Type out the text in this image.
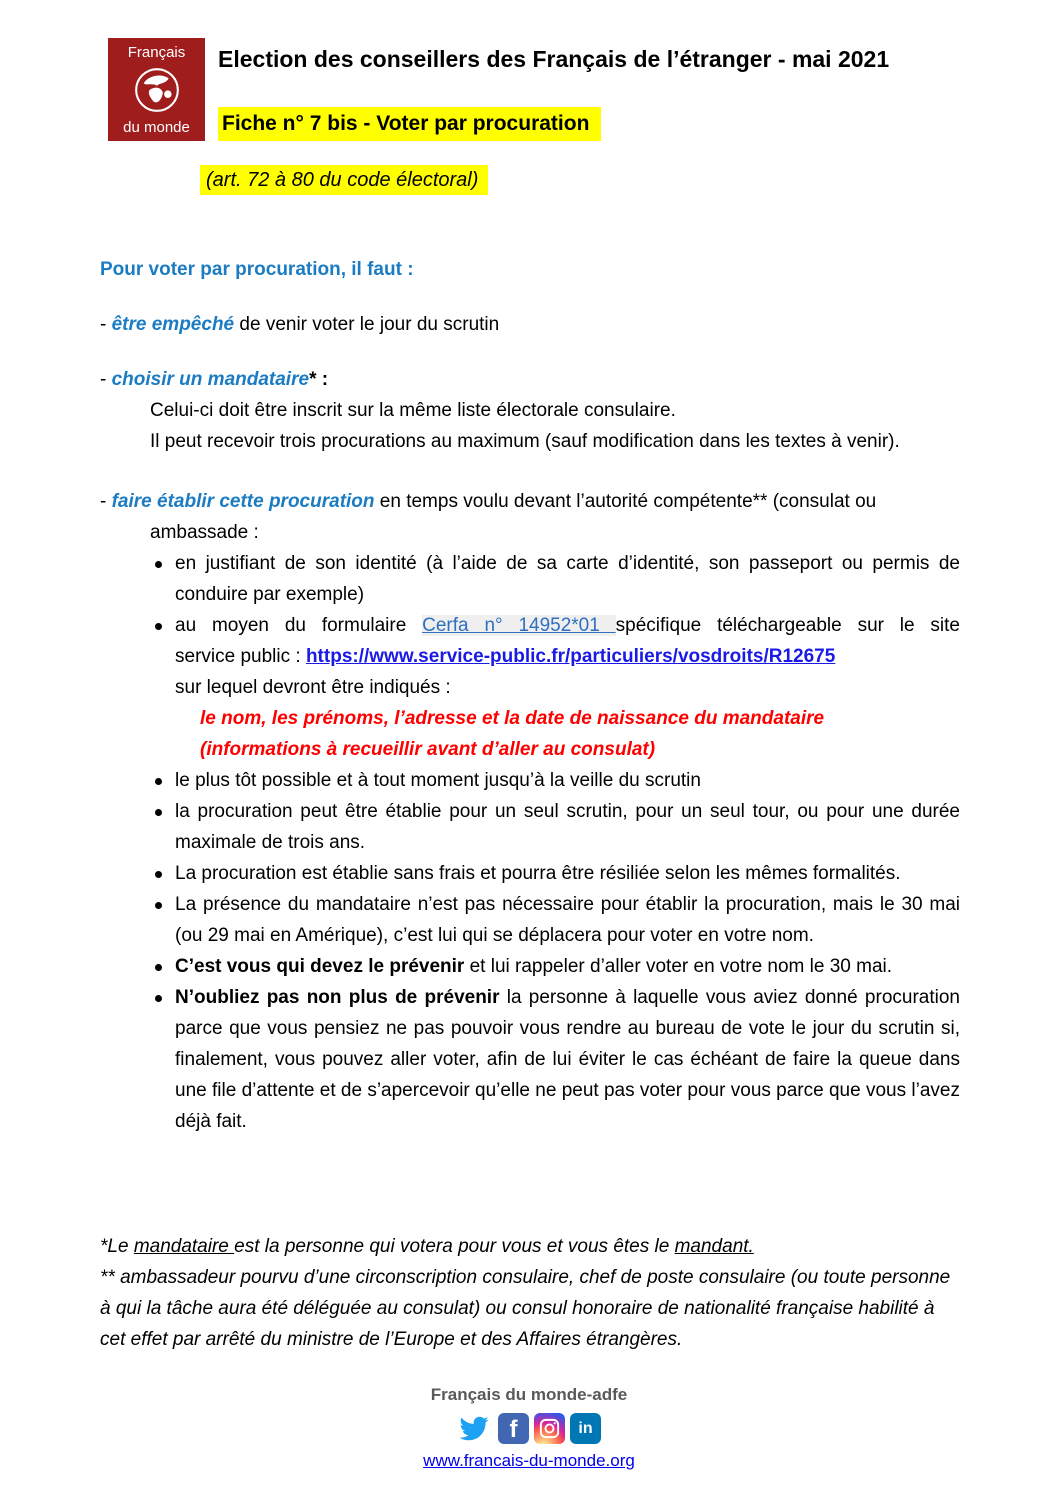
Français
du monde
Election des conseillers des Français de l’étranger - mai 2021
Fiche n° 7 bis - Voter par procuration
(art. 72 à 80 du code électoral)

Pour voter par procuration, il faut :

- être empêché de venir voter le jour du scrutin

- choisir un mandataire* :
Celui-ci doit être inscrit sur la même liste électorale consulaire.
Il peut recevoir trois procurations au maximum (sauf modification dans les textes à venir).
- faire établir cette procuration en temps voulu devant l’autorité compétente** (consulat ou
ambassade :
en justifiant de son identité (à l’aide de sa carte d’identité, son passeport ou permis de conduire par exemple)
au moyen du formulaire Cerfa n° 14952*01 spécifique téléchargeable sur le site
service public : https://www.service-public.fr/particuliers/vosdroits/R12675
sur lequel devront être indiqués :
le nom, les prénoms, l’adresse et la date de naissance du mandataire
(informations à recueillir avant d’aller au consulat)
le plus tôt possible et à tout moment jusqu’à la veille du scrutin
la procuration peut être établie pour un seul scrutin, pour un seul tour, ou pour une durée maximale de trois ans.
La procuration est établie sans frais et pourra être résiliée selon les mêmes formalités.
La présence du mandataire n’est pas nécessaire pour établir la procuration, mais le 30 mai (ou 29 mai en Amérique), c’est lui qui se déplacera pour voter en votre nom.
C’est vous qui devez le prévenir et lui rappeler d’aller voter en votre nom le 30 mai.
N’oubliez pas non plus de prévenir la personne à laquelle vous aviez donné procuration parce que vous pensiez ne pas pouvoir vous rendre au bureau de vote le jour du scrutin si, finalement, vous pouvez aller voter, afin de lui éviter le cas échéant de faire la queue dans une file d’attente et de s’apercevoir qu’elle ne peut pas voter pour vous parce que vous l’avez déjà fait.

*Le mandataire est la personne qui votera pour vous et vous êtes le mandant.

** ambassadeur pourvu d’une circonscription consulaire, chef de poste consulaire (ou toute personne à qui la tâche aura été déléguée au consulat) ou consul honoraire de nationalité française habilité à cet effet par arrêté du ministre de l’Europe et des Affaires étrangères.

Français du monde-adfe

f	in
www.francais-du-monde.org
